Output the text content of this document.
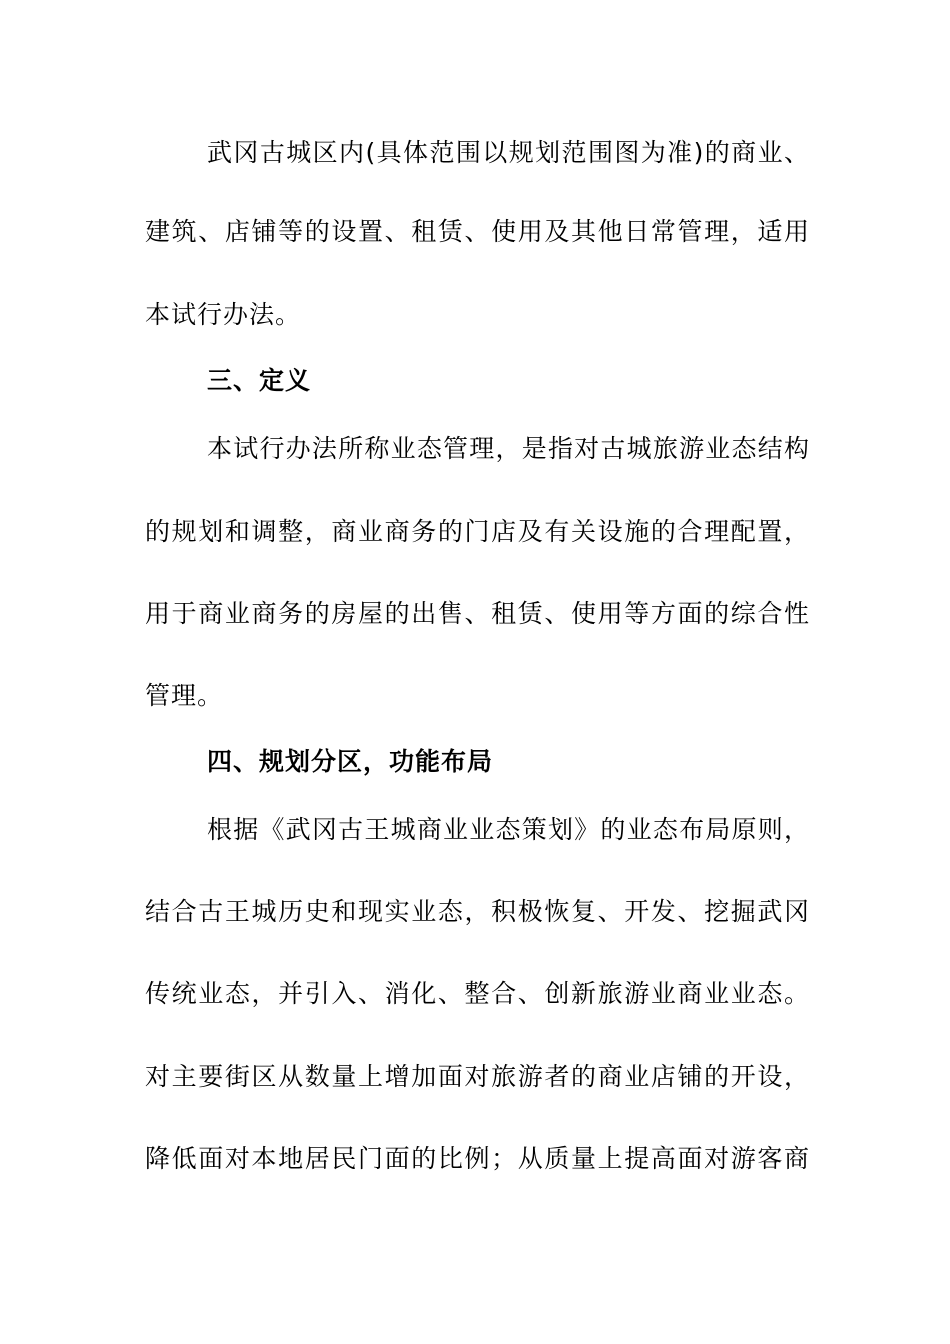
武冈古城区内(具体范围以规划范围图为准)的商业、
建筑、店铺等的设置、租赁、使用及其他日常管理，适用
本试行办法。
三、定义
本试行办法所称业态管理，是指对古城旅游业态结构
的规划和调整，商业商务的门店及有关设施的合理配置，
用于商业商务的房屋的出售、租赁、使用等方面的综合性
管理。
四、规划分区，功能布局
根据《武冈古王城商业业态策划》的业态布局原则，
结合古王城历史和现实业态，积极恢复、开发、挖掘武冈
传统业态，并引入、消化、整合、创新旅游业商业业态。
对主要街区从数量上增加面对旅游者的商业店铺的开设，
降低面对本地居民门面的比例；从质量上提高面对游客商
